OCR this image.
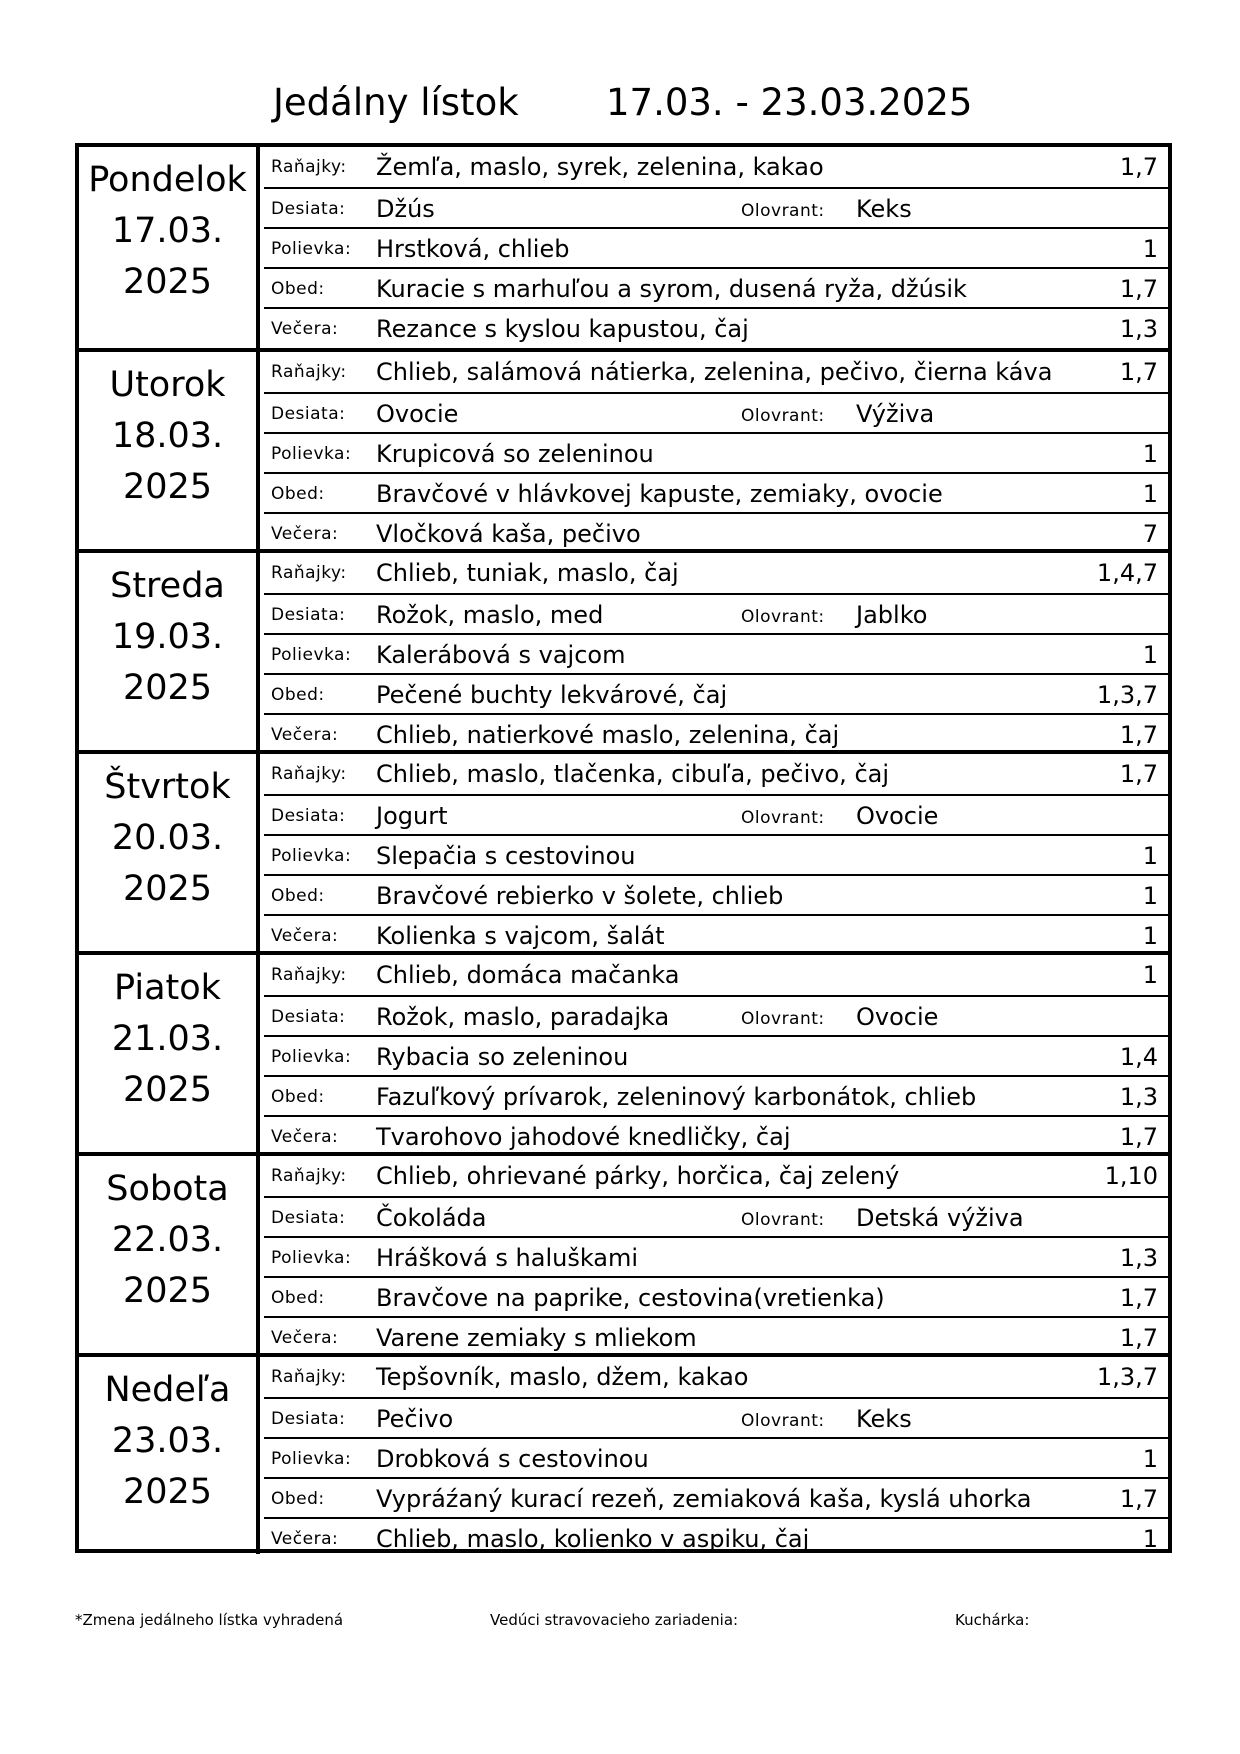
Jedálny lístok 17.03. - 23.03.2025
Pondelok
17.03.
2025
Raňajky: Žemľa, maslo, syrek, zelenina, kakao	1,7
Desiata: Džús	Olovrant: Keks
Polievka: Hrstková, chlieb	1
Obed: Kuracie s marhuľou a syrom, dusená ryža, džúsik	1,7
Večera: Rezance s kyslou kapustou, čaj	1,3
Utorok
18.03.
2025
Raňajky: Chlieb, salámová nátierka, zelenina, pečivo, čierna káva	1,7
Desiata: Ovocie	Olovrant: Výživa
Polievka: Krupicová so zeleninou	1
Obed: Bravčové v hlávkovej kapuste, zemiaky, ovocie	1
Večera: Vločková kaša, pečivo	7
Streda
19.03.
2025
Raňajky: Chlieb, tuniak, maslo, čaj	1,4,7
Desiata: Rožok, maslo, med	Olovrant: Jablko
Polievka: Kalerábová s vajcom	1
Obed: Pečené buchty lekvárové, čaj	1,3,7
Večera: Chlieb, natierkové maslo, zelenina, čaj	1,7
Štvrtok
20.03.
2025
Raňajky: Chlieb, maslo, tlačenka, cibuľa, pečivo, čaj	1,7
Desiata: Jogurt	Olovrant: Ovocie
Polievka: Slepačia s cestovinou	1
Obed: Bravčové rebierko v šolete, chlieb	1
Večera: Kolienka s vajcom, šalát	1
Piatok
21.03.
2025
Raňajky: Chlieb, domáca mačanka	1
Desiata: Rožok, maslo, paradajka	Olovrant: Ovocie
Polievka: Rybacia so zeleninou	1,4
Obed: Fazuľkový prívarok, zeleninový karbonátok, chlieb	1,3
Večera: Tvarohovo jahodové knedličky, čaj	1,7
Sobota
22.03.
2025
Raňajky: Chlieb, ohrievané párky, horčica, čaj zelený	1,10
Desiata: Čokoláda	Olovrant: Detská výživa
Polievka: Hrášková s haluškami	1,3
Obed: Bravčove na paprike, cestovina(vretienka)	1,7
Večera: Varene zemiaky s mliekom	1,7
Nedeľa
23.03.
2025
Raňajky: Tepšovník, maslo, džem, kakao	1,3,7
Desiata: Pečivo	Olovrant: Keks
Polievka: Drobková s cestovinou	1
Obed: Vypráźaný kurací rezeň, zemiaková kaša, kyslá uhorka	1,7
Večera: Chlieb, maslo, kolienko v aspiku, čaj	1
*Zmena jedálneho lístka vyhradená	Vedúci stravovacieho zariadenia:	Kuchárka:
